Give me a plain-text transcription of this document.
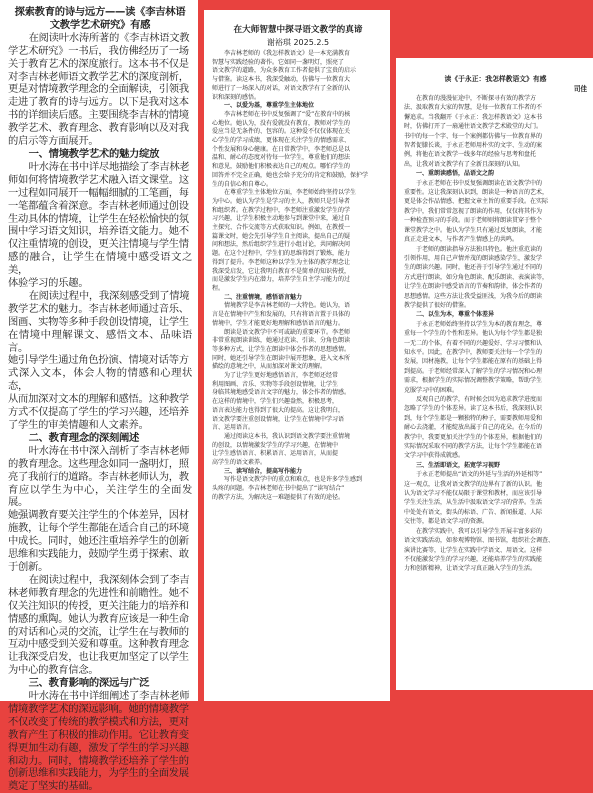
探索教育的诗与远方——读《李吉林语

文教学艺术研究》有感

在阅读叶水涛所著的《李吉林语文教

学艺术研究》一书后，我仿佛经历了一场

关于教育艺术的深度旅行。这本书不仅是

对李吉林老师语文教学艺术的深度剖析，

更是对情境教学理念的全面解读，引领我

走进了教育的诗与远方。以下是我对这本

书的详细读后感。主要围绕李吉林的情境

教学艺术、教育理念、教育影响以及对我

的启示等方面展开。

一、情境教学艺术的魅力绽放

叶水涛在书中详尽地描绘了李吉林老

师如何将情境教学艺术融入语文课堂。这

一过程如同展开一幅幅细腻的工笔画，每

一笔都蕴含着深意。李吉林老师通过创设

生动具体的情境，让学生在轻松愉快的氛

围中学习语文知识，培养语文能力。她不

仅注重情境的创设，更关注情境与学生情

感的融合，让学生在情境中感受语文之美，

体验学习的乐趣。

在阅读过程中，我深刻感受到了情境

教学艺术的魅力。李吉林老师通过音乐、

图画、实物等多种手段创设情境，让学生

在情境中理解课文、感悟文本、品味语言。

她引导学生通过角色扮演、情境对话等方

式深入文本，体会人物的情感和心理状态，

从而加深对文本的理解和感悟。这种教学

方式不仅提高了学生的学习兴趣，还培养

了学生的审美情趣和人文素养。

二、教育理念的深刻阐述

叶水涛在书中深入剖析了李吉林老师

的教育理念。这些理念如同一盏明灯，照

亮了我前行的道路。李吉林老师认为，教

育应以学生为中心，关注学生的全面发展。

她强调教育要关注学生的个体差异，因材

施教，让每个学生都能在适合自己的环境

中成长。同时，她还注重培养学生的创新

思维和实践能力，鼓励学生勇于探索、敢

于创新。

在阅读过程中，我深刻体会到了李吉

林老师教育理念的先进性和前瞻性。她不

仅关注知识的传授，更关注能力的培养和

情感的熏陶。她认为教育应该是一种生命

的对话和心灵的交流，让学生在与教师的

互动中感受到关爱和尊重。这种教育理念

让我深受启发，也让我更加坚定了以学生

为中心的教育信念。

三、教育影响的深远与广泛

叶水涛在书中详细阐述了李吉林老师

情境教学艺术的深远影响。她的情境教学

不仅改变了传统的教学模式和方法，更对

教育产生了积极的推动作用。它让教育变

得更加生动有趣，激发了学生的学习兴趣

和动力。同时，情境教学还培养了学生的

创新思维和实践能力，为学生的全面发展

奠定了坚实的基础。

在大师智慧中探寻语文教学的真谛

谢裕琪 2025.2.5

李吉林老师的《我怎样教语文》是一本充满教育

智慧与实践经验的著作。它如同一盏明灯，照亮了

语文教学的道路，为众多教育工作者提供了宝贵的启示

与借鉴。读这本书，我深受触动，仿佛与一位教育大

师进行了一场深入的对话，对语文教学有了全新的认

识和深刻的感悟。

一、以爱为基，尊重学生主体地位

李吉林老师在书中反复强调了“爱”在教育中的核

心地位。她认为，没有爱就没有教育，教师对学生的

爱应当是无条件的、包容的。这种爱不仅仅体现在关

心学生的学习成绩，更体现在关注学生的情感需求、

个性发展和身心健康。在日常教学中，李老师总是以

温和、耐心的态度对待每一位学生，尊重他们的想法

和意见，鼓励他们积极表达自己的观点。哪怕学生的

回答并不完全正确，她也会给予充分的肯定和鼓励，保护学

生的自信心和自尊心。

在尊重学生主体地位方面，李老师始终坚持以学生

为中心。她认为学生是学习的主人，教师只是引导者

和组织者。在教学过程中，李老师注重激发学生的学

习兴趣，让学生积极主动地参与到课堂中来，通过自

主探究、合作交流等方式获取知识。例如，在教授一

篇课文时，她会先引导学生自主阅读，提出自己的疑

问和想法，然后组织学生进行小组讨论，共同解决问

题。在这个过程中，学生们的思维得到了锻炼，能力

得到了提升。李老师这种以学生为主体的教学理念让

我深受启发，它让我明白教育不是简单的知识传授，

而是激发学生内在潜力，培养学生自主学习能力的过

程。

二、注重情境，感悟语言魅力

情境教学是李吉林老师的一大特色。她认为，语

言是在情境中产生和发展的，只有将语言置于具体的

情境中，学生才能更好地理解和感悟语言的魅力。

朗读是语文教学中不可或缺的重要环节。李老师

非常重视朗读训练，她通过范读、引读、分角色朗读

等多种方式，让学生在朗读中体会作者的思想感情。

同时，她还引导学生在朗读中展开想象，进入文本所

描绘的意境之中，从而加深对课文的理解。

为了让学生更好地感悟语言，李老师还经常

利用图画、音乐、实物等手段创设情境，让学生

身临其境地感受语言文字的魅力，体会作者的情感。

在这样的情境中，学生们兴趣盎然，积极思考，

语言表达能力也得到了很大的提高。这让我明白，

语文教学要注重创设情境，让学生在情境中学习语

言、运用语言。

通过阅读这本书，我认识到语文教学要注重情境

的创设，以情境激发学生的学习兴趣，在情境中

让学生感悟语言、积累语言、运用语言，从而提

高学生的语文素养。

三、读写结合，提高写作能力

写作是语文教学中的重点和难点，也是许多学生感到

头疼的问题。李吉林老师在书中提出了“读写结合”

的教学方法，为解决这一难题提供了有效的途径。

读《于永正：我怎样教语文》有感

司佳

在教育的漫漫征途中，不断探寻有效的教学方

法、汲取教育大家的智慧，是每一位教育工作者的不

懈追求。当我翻开《于永正：我怎样教语文》这本书

时，仿佛打开了一扇通往语文教学艺术殿堂的大门。

书中的每一个字、每一个案例都仿佛与一位教育界的

智者促膝长谈，于永正老师用朴实的文字、生动的案

例，将他在语文教学一线多年的经验与思考和盘托

出，让我对语文教学有了全新且深刻的认知。

一、重朗读感悟，品语文之韵

于永正老师在书中反复强调朗读在语文教学中的

重要性。这让我深刻认识到，朗读是一种语言的艺术，

更是体会作品情感、把握文章主旨的重要手段。在实际

教学中，我们常常忽视了朗读的作用，仅仅将其作为

一种检查预习的手段。而于老师则将朗读贯穿于整个

课堂教学之中。他认为学生只有通过反复朗读，才能

真正走进文本，与作者产生情感上的共鸣。

于老师的朗读指导方法独具特色。他注重范读的

引领作用，用自己声情并茂的朗读感染学生，激发学

生的朗读兴趣。同时，他还善于引导学生通过不同的

方式进行朗读，如分角色朗读、配乐朗读、表演读等，

让学生在朗读中感受语言的节奏和韵律，体会作者的

思想感情。这些方法让我受益匪浅，为我今后的朗读

教学提供了很好的借鉴。

二、以生为本，尊重个体差异

于永正老师始终坚持以学生为本的教育理念，尊

重每一个学生的个性和差异。他认为每个学生都是独

一无二的个体，有着不同的兴趣爱好、学习习惯和认

知水平。因此，在教学中，教师要关注每一个学生的

发展，因材施教，让每个学生都能在原有的基础上得

到提高。于老师经常深入了解学生的学习情况和心理

需求，根据学生的实际情况调整教学策略，帮助学生

克服学习中的困难。

反观自己的教学，有时候会因为追求教学进度而

忽略了学生的个体差异。读了这本书后，我深刻认识

到，每个学生都是一颗独特的种子，需要教师用爱和

耐心去浇灌，才能绽放出属于自己的花朵。在今后的

教学中，我要更加关注学生的个体差异，根据他们的

实际情况采取不同的教学方法，让每个学生都能在语

文学习中获得成就感。

三、生活即语文，拓宽学习视野

于永正老师提出“语文的外延与生活的外延相等”

这一观点，让我对语文教学的边界有了新的认识。他

认为语文学习不能仅局限于课堂和教材，而应该引导

学生关注生活，从生活中汲取语文学习的营养。生活

中处处有语文，街头的标语、广告、新闻报道、人际

交往等，都是语文学习的资源。

在教学实践中，我可以引导学生开展丰富多彩的

语文实践活动，如参观博物馆、图书馆，组织社会调查、

演讲比赛等，让学生在实践中学语文、用语文。这样

不仅能激发学生的学习兴趣，还能培养学生的实践能

力和创新精神，让语文学习真正融入学生的生活。
